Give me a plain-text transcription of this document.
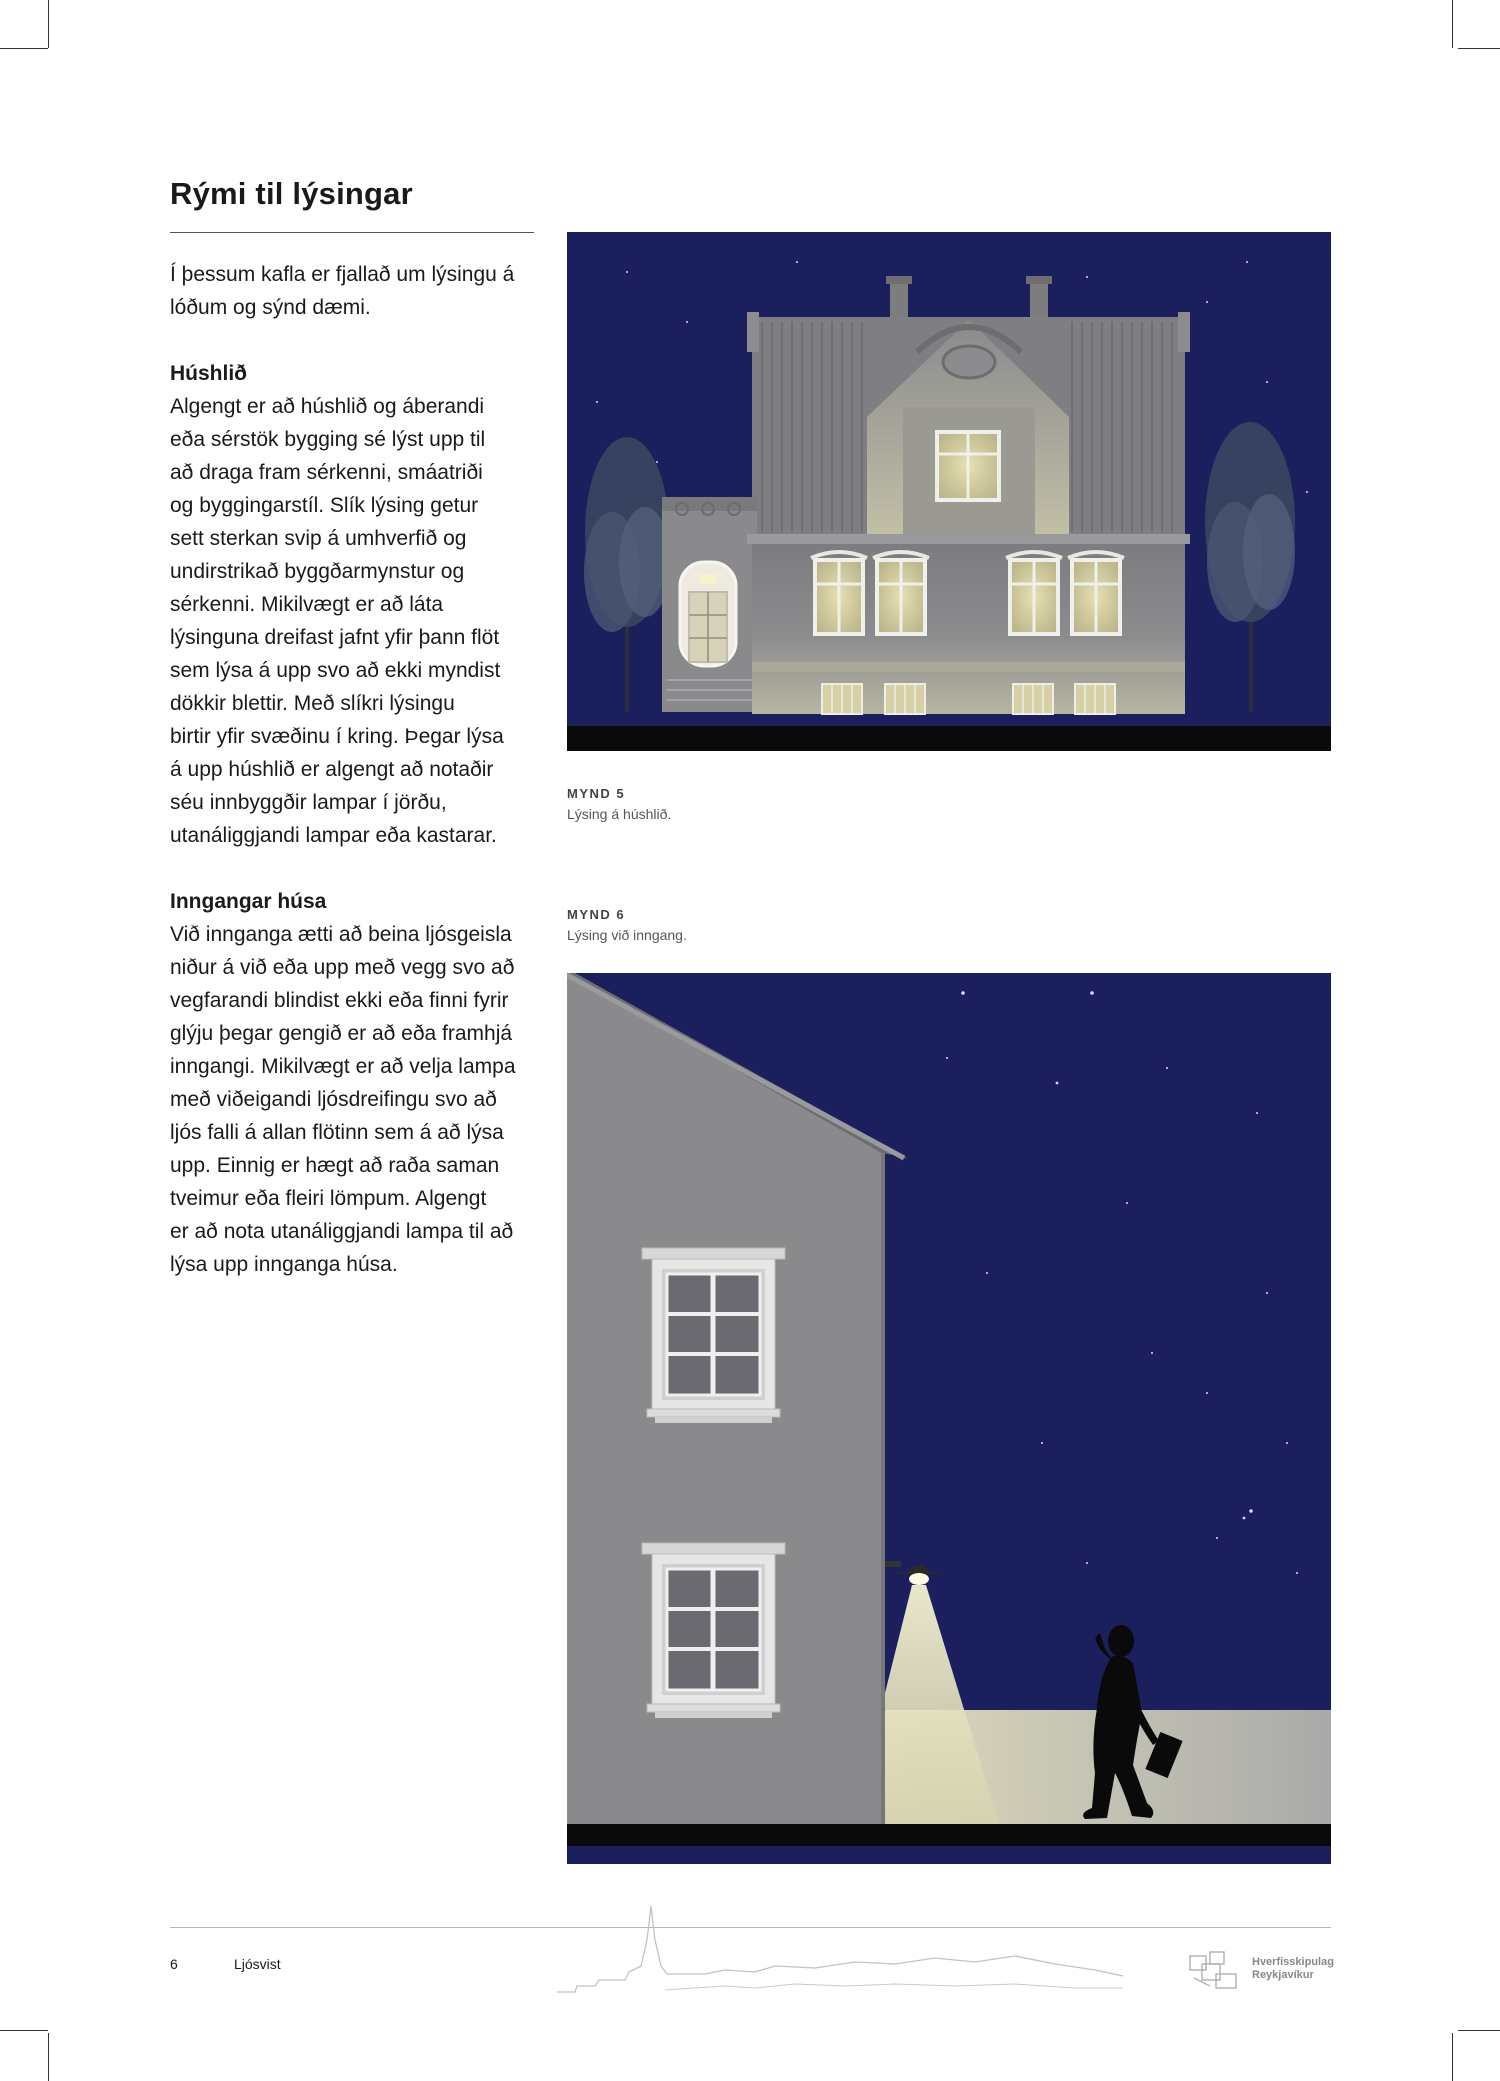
Rými til lýsingar

Í þessum kafla er fjallað um lýsingu á lóðum og sýnd dæmi.

Húshlið

Algengt er að húshlið og áberandi

eða sérstök bygging sé lýst upp til

að draga fram sérkenni, smáatriði

og byggingarstíl. Slík lýsing getur

sett sterkan svip á umhverfið og

undirstrikað byggðarmynstur og

sérkenni. Mikilvægt er að láta

lýsinguna dreifast jafnt yfir þann flöt

sem lýsa á upp svo að ekki myndist

dökkir blettir. Með slíkri lýsingu

birtir yfir svæðinu í kring. Þegar lýsa

á upp húshlið er algengt að notaðir

séu innbyggðir lampar í jörðu,

utanáliggjandi lampar eða kastarar.

Inngangar húsa

Við innganga ætti að beina ljósgeisla

niður á við eða upp með vegg svo að

vegfarandi blindist ekki eða finni fyrir

glýju þegar gengið er að eða framhjá

inngangi. Mikilvægt er að velja lampa

með viðeigandi ljósdreifingu svo að

ljós falli á allan flötinn sem á að lýsa

upp. Einnig er hægt að raða saman

tveimur eða fleiri lömpum. Algengt

er að nota utanáliggjandi lampa til að

lýsa upp innganga húsa.

MYND 5
Lýsing á húshlið.
MYND 6
Lýsing við inngang.
6	Ljósvist	Hverfisskipulag
Reykjavíkur
